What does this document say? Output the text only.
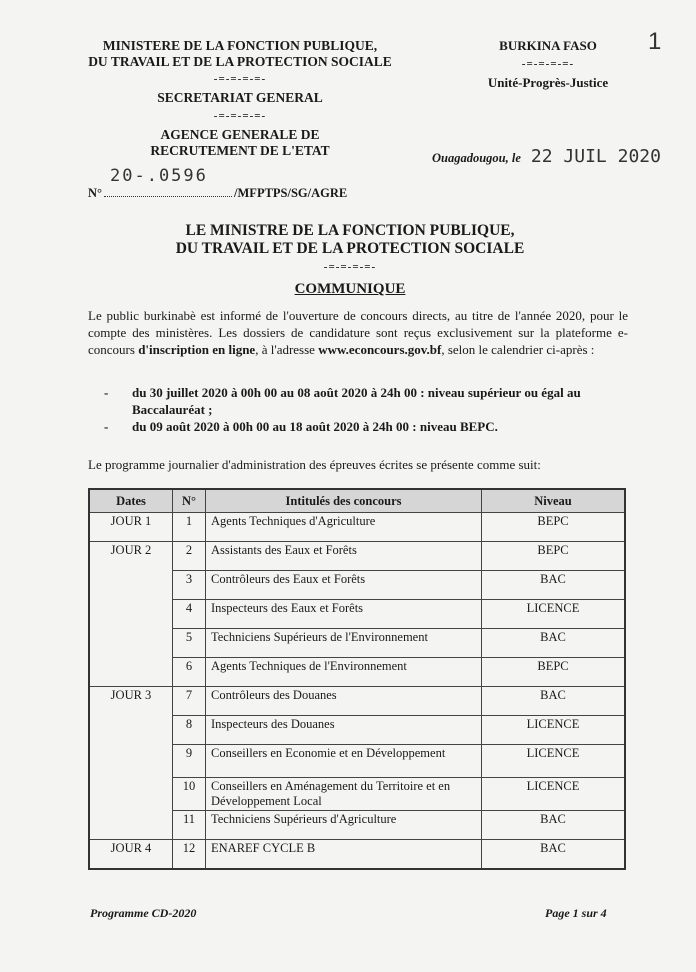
MINISTERE DE LA FONCTION PUBLIQUE,
DU TRAVAIL ET DE LA PROTECTION SOCIALE
-=-=-=-=-
SECRETARIAT GENERAL
-=-=-=-=-
AGENCE GENERALE DE
RECRUTEMENT DE L'ETAT
BURKINA FASO
-=-=-=-=-
Unité-Progrès-Justice
1
Ouagadougou, le 22 JUIL 2020
20-.0596
N°	/MFPTPS/SG/AGRE
LE MINISTRE DE LA FONCTION PUBLIQUE,
DU TRAVAIL ET DE LA PROTECTION SOCIALE
-=-=-=-=-
COMMUNIQUE
Le public burkinabè est informé de l'ouverture de concours directs, au titre de l'année 2020, pour le compte des ministères. Les dossiers de candidature sont reçus exclusivement sur la plateforme e-concours d'inscription en ligne, à l'adresse www.econcours.gov.bf, selon le calendrier ci-après :
- du 30 juillet 2020 à 00h 00 au 08 août 2020 à 24h 00 : niveau supérieur ou égal au Baccalauréat ;
- du 09 août 2020 à 00h 00 au 18 août 2020 à 24h 00 : niveau BEPC.
Le programme journalier d'administration des épreuves écrites se présente comme suit:
Dates	N°	Intitulés des concours	Niveau
JOUR 1	1	Agents Techniques d'Agriculture	BEPC
JOUR 2	2	Assistants des Eaux et Forêts	BEPC
	3	Contrôleurs des Eaux et Forêts	BAC
	4	Inspecteurs des Eaux et Forêts	LICENCE
	5	Techniciens Supérieurs de l'Environnement	BAC
	6	Agents Techniques de l'Environnement	BEPC
JOUR 3	7	Contrôleurs des Douanes	BAC
	8	Inspecteurs des Douanes	LICENCE
	9	Conseillers en Economie et en Développement	LICENCE
	10	Conseillers en Aménagement du Territoire et en Développement Local	LICENCE
	11	Techniciens Supérieurs d'Agriculture	BAC
JOUR 4	12	ENAREF CYCLE B	BAC
Programme CD-2020	Page 1 sur 4
